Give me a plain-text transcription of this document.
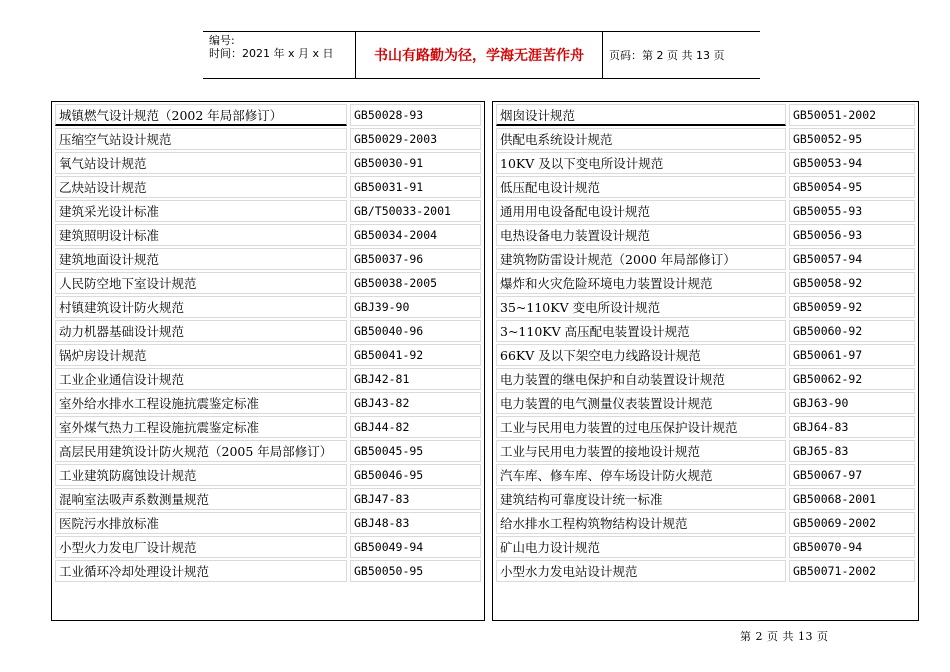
编号:
时间：2021 年 x 月 x 日	书山有路勤为径，学海无涯苦作舟	页码：第 2 页 共 13 页
城镇燃气设计规范（2002 年局部修订）	GB50028-93
压缩空气站设计规范	GB50029-2003
氧气站设计规范	GB50030-91
乙炔站设计规范	GB50031-91
建筑采光设计标准	GB/T50033-2001
建筑照明设计标准	GB50034-2004
建筑地面设计规范	GB50037-96
人民防空地下室设计规范	GB50038-2005
村镇建筑设计防火规范	GBJ39-90
动力机器基础设计规范	GB50040-96
锅炉房设计规范	GB50041-92
工业企业通信设计规范	GBJ42-81
室外给水排水工程设施抗震鉴定标准	GBJ43-82
室外煤气热力工程设施抗震鉴定标准	GBJ44-82
高层民用建筑设计防火规范（2005 年局部修订）	GB50045-95
工业建筑防腐蚀设计规范	GB50046-95
混响室法吸声系数测量规范	GBJ47-83
医院污水排放标准	GBJ48-83
小型火力发电厂设计规范	GB50049-94
工业循环冷却处理设计规范	GB50050-95
烟囱设计规范	GB50051-2002
供配电系统设计规范	GB50052-95
10KV 及以下变电所设计规范	GB50053-94
低压配电设计规范	GB50054-95
通用用电设备配电设计规范	GB50055-93
电热设备电力装置设计规范	GB50056-93
建筑物防雷设计规范（2000 年局部修订）	GB50057-94
爆炸和火灾危险环境电力装置设计规范	GB50058-92
35~110KV 变电所设计规范	GB50059-92
3~110KV 高压配电装置设计规范	GB50060-92
66KV 及以下架空电力线路设计规范	GB50061-97
电力装置的继电保护和自动装置设计规范	GB50062-92
电力装置的电气测量仪表装置设计规范	GBJ63-90
工业与民用电力装置的过电压保护设计规范	GBJ64-83
工业与民用电力装置的接地设计规范	GBJ65-83
汽车库、修车库、停车场设计防火规范	GB50067-97
建筑结构可靠度设计统一标准	GB50068-2001
给水排水工程构筑物结构设计规范	GB50069-2002
矿山电力设计规范	GB50070-94
小型水力发电站设计规范	GB50071-2002
第 2 页 共 13 页
